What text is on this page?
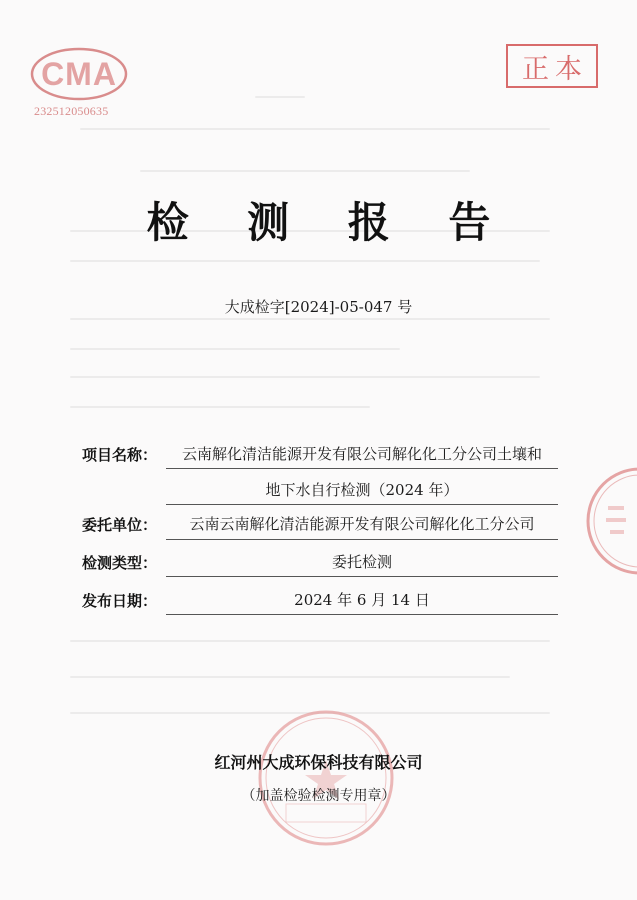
CMA
232512050635
正本
检 测 报 告
大成检字[2024]-05-047 号
项目名称：	云南解化清洁能源开发有限公司解化化工分公司土壤和
地下水自行检测（2024 年）
委托单位：	云南云南解化清洁能源开发有限公司解化化工分公司
检测类型：	委托检测
发布日期：	2024 年 6 月 14 日
红河州大成环保科技有限公司
（加盖检验检测专用章）
